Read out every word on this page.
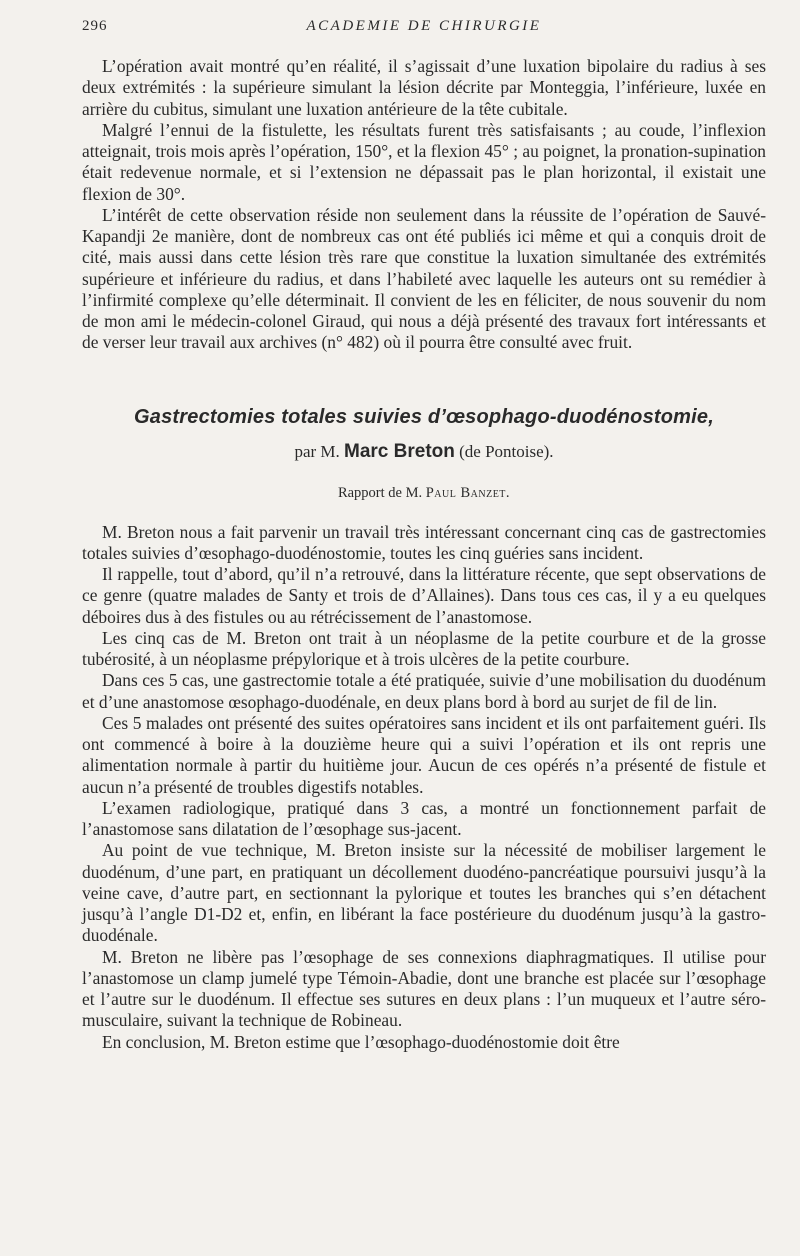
296	ACADEMIE DE CHIRURGIE

L’opération avait montré qu’en réalité, il s’agissait d’une luxation bipolaire du radius à ses deux extrémités : la supérieure simulant la lésion décrite par Monteggia, l’inférieure, luxée en arrière du cubitus, simulant une luxation antérieure de la tête cubitale.

Malgré l’ennui de la fistulette, les résultats furent très satisfaisants ; au coude, l’inflexion atteignait, trois mois après l’opération, 150°, et la flexion 45° ; au poignet, la pronation-supination était redevenue normale, et si l’extension ne dépassait pas le plan horizontal, il existait une flexion de 30°.

L’intérêt de cette observation réside non seulement dans la réussite de l’opération de Sauvé-Kapandji 2e manière, dont de nombreux cas ont été publiés ici même et qui a conquis droit de cité, mais aussi dans cette lésion très rare que constitue la luxation simultanée des extrémités supérieure et inférieure du radius, et dans l’habileté avec laquelle les auteurs ont su remédier à l’infirmité complexe qu’elle déterminait. Il convient de les en féliciter, de nous souvenir du nom de mon ami le médecin-colonel Giraud, qui nous a déjà présenté des travaux fort intéressants et de verser leur travail aux archives (n° 482) où il pourra être consulté avec fruit.

Gastrectomies totales suivies d’œsophago-duodénostomie,
par M. Marc Breton (de Pontoise).
Rapport de M. Paul Banzet.

M. Breton nous a fait parvenir un travail très intéressant concernant cinq cas de gastrectomies totales suivies d’œsophago-duodénostomie, toutes les cinq guéries sans incident.

Il rappelle, tout d’abord, qu’il n’a retrouvé, dans la littérature récente, que sept observations de ce genre (quatre malades de Santy et trois de d’Allaines). Dans tous ces cas, il y a eu quelques déboires dus à des fistules ou au rétrécissement de l’anastomose.

Les cinq cas de M. Breton ont trait à un néoplasme de la petite courbure et de la grosse tubérosité, à un néoplasme prépylorique et à trois ulcères de la petite courbure.

Dans ces 5 cas, une gastrectomie totale a été pratiquée, suivie d’une mobilisation du duodénum et d’une anastomose œsophago-duodénale, en deux plans bord à bord au surjet de fil de lin.

Ces 5 malades ont présenté des suites opératoires sans incident et ils ont parfaitement guéri. Ils ont commencé à boire à la douzième heure qui a suivi l’opération et ils ont repris une alimentation normale à partir du huitième jour. Aucun de ces opérés n’a présenté de fistule et aucun n’a présenté de troubles digestifs notables.

L’examen radiologique, pratiqué dans 3 cas, a montré un fonctionnement parfait de l’anastomose sans dilatation de l’œsophage sus-jacent.

Au point de vue technique, M. Breton insiste sur la nécessité de mobiliser largement le duodénum, d’une part, en pratiquant un décollement duodéno-pancréatique poursuivi jusqu’à la veine cave, d’autre part, en sectionnant la pylorique et toutes les branches qui s’en détachent jusqu’à l’angle D1-D2 et, enfin, en libérant la face postérieure du duodénum jusqu’à la gastro-duodénale.

M. Breton ne libère pas l’œsophage de ses connexions diaphragmatiques. Il utilise pour l’anastomose un clamp jumelé type Témoin-Abadie, dont une branche est placée sur l’œsophage et l’autre sur le duodénum. Il effectue ses sutures en deux plans : l’un muqueux et l’autre séro-musculaire, suivant la technique de Robineau.

En conclusion, M. Breton estime que l’œsophago-duodénostomie doit être
